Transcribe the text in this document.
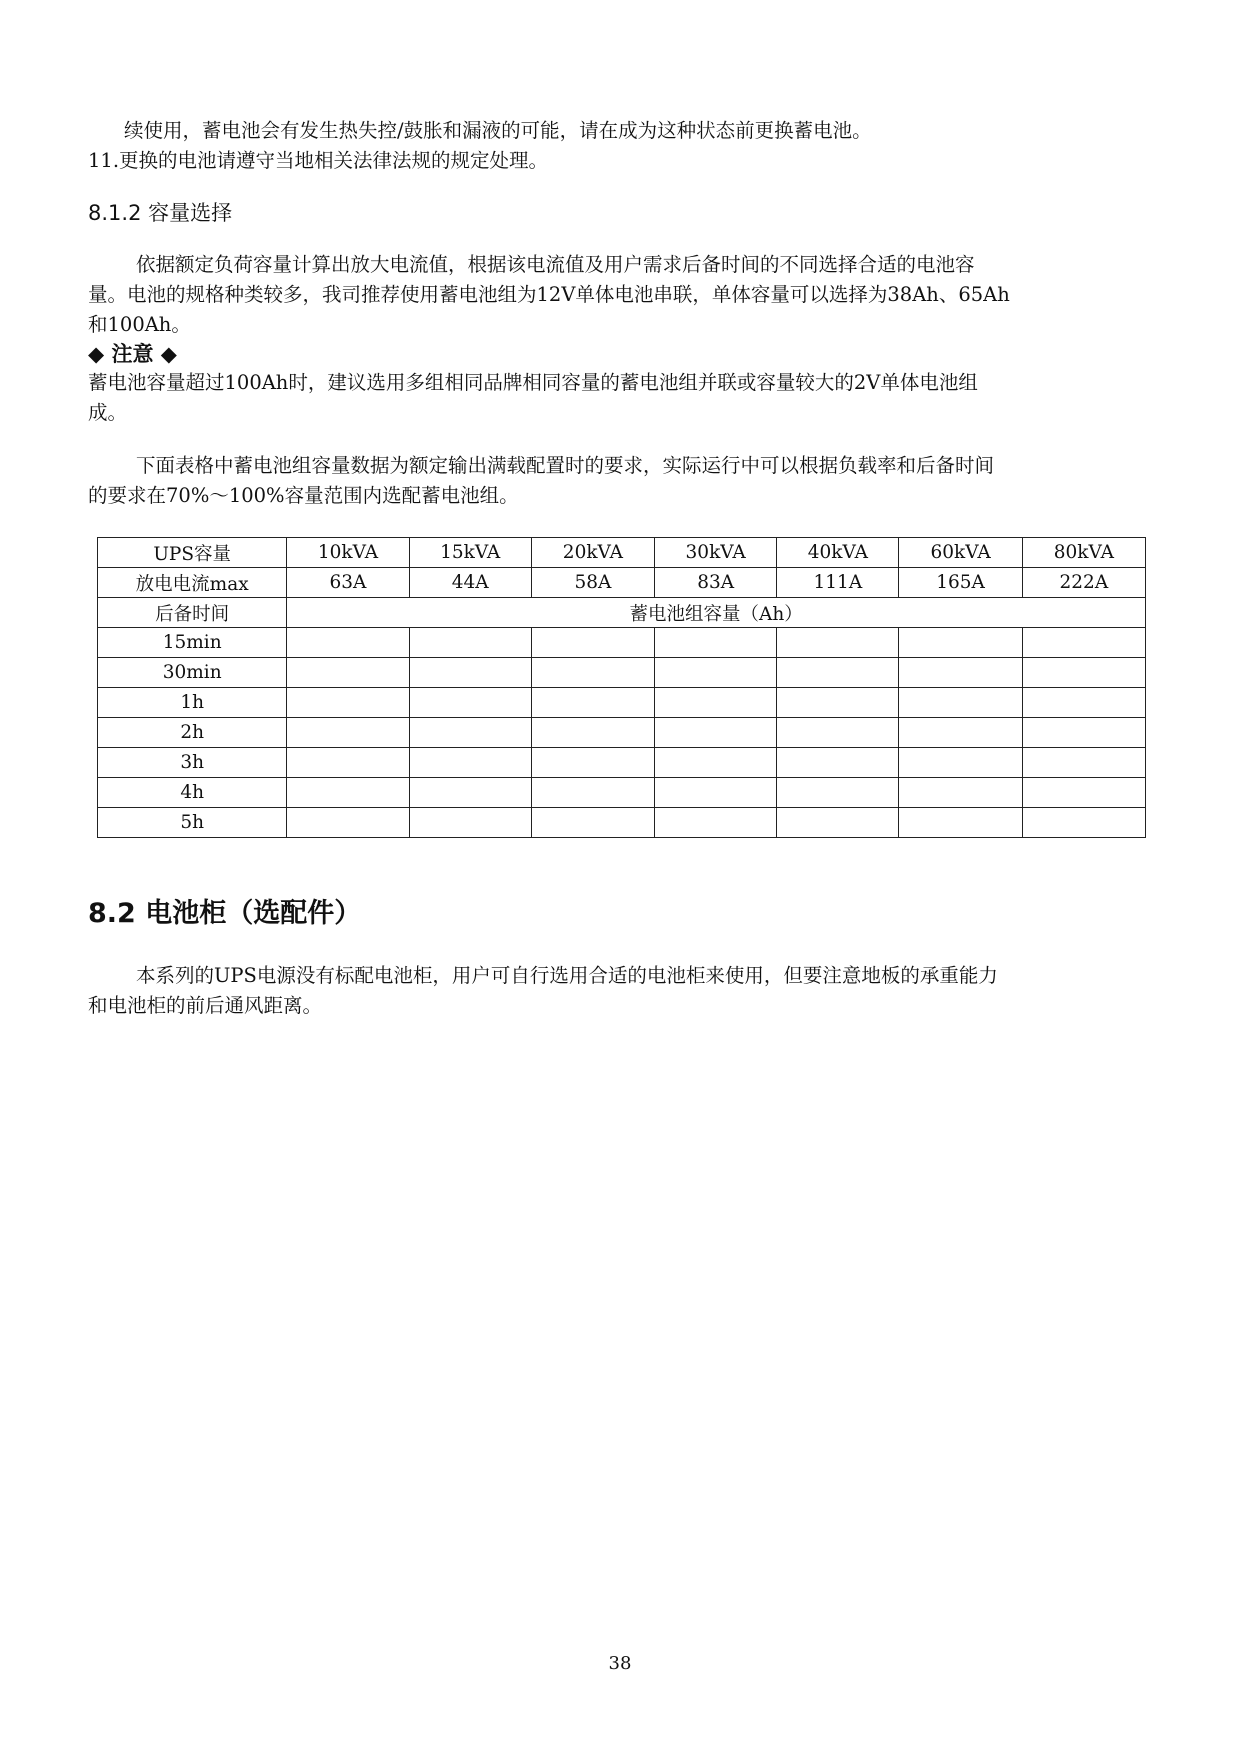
续使用，蓄电池会有发生热失控/鼓胀和漏液的可能，请在成为这种状态前更换蓄电池。

11.更换的电池请遵守当地相关法律法规的规定处理。

8.1.2 容量选择

依据额定负荷容量计算出放大电流值，根据该电流值及用户需求后备时间的不同选择合适的电池容

量。电池的规格种类较多，我司推荐使用蓄电池组为12V单体电池串联，单体容量可以选择为38Ah、65Ah

和100Ah。

◆ 注意 ◆

蓄电池容量超过100Ah时，建议选用多组相同品牌相同容量的蓄电池组并联或容量较大的2V单体电池组

成。

下面表格中蓄电池组容量数据为额定输出满载配置时的要求，实际运行中可以根据负载率和后备时间

的要求在70%～100%容量范围内选配蓄电池组。

UPS容量	10kVA	15kVA	20kVA	30kVA	40kVA	60kVA	80kVA
放电电流max	63A	44A	58A	83A	111A	165A	222A
后备时间	蓄电池组容量（Ah）						
15min							
30min							
1h							
2h							
3h							
4h							
5h							
8.2 电池柜（选配件）

本系列的UPS电源没有标配电池柜，用户可自行选用合适的电池柜来使用，但要注意地板的承重能力

和电池柜的前后通风距离。

38
